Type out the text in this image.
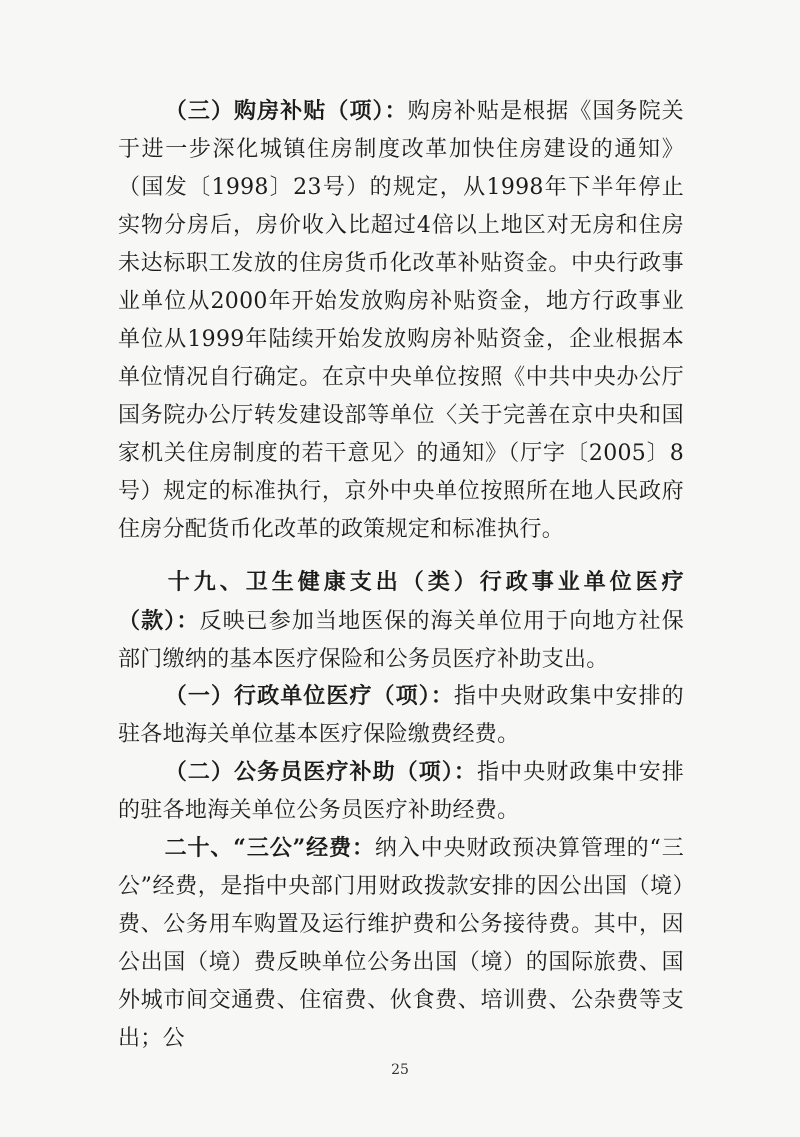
（三）购房补贴（项）：购房补贴是根据《国务院关于进一步深化城镇住房制度改革加快住房建设的通知》（国发〔1998〕23号）的规定，从1998年下半年停止实物分房后，房价收入比超过4倍以上地区对无房和住房未达标职工发放的住房货币化改革补贴资金。中央行政事业单位从2000年开始发放购房补贴资金，地方行政事业单位从1999年陆续开始发放购房补贴资金，企业根据本单位情况自行确定。在京中央单位按照《中共中央办公厅国务院办公厅转发建设部等单位〈关于完善在京中央和国家机关住房制度的若干意见〉的通知》（厅字〔2005〕8号）规定的标准执行，京外中央单位按照所在地人民政府住房分配货币化改革的政策规定和标准执行。

十九、卫生健康支出（类）行政事业单位医疗（款）：反映已参加当地医保的海关单位用于向地方社保部门缴纳的基本医疗保险和公务员医疗补助支出。

（一）行政单位医疗（项）：指中央财政集中安排的驻各地海关单位基本医疗保险缴费经费。

（二）公务员医疗补助（项）：指中央财政集中安排的驻各地海关单位公务员医疗补助经费。

二十、“三公”经费：纳入中央财政预决算管理的“三公”经费，是指中央部门用财政拨款安排的因公出国（境）费、公务用车购置及运行维护费和公务接待费。其中，因公出国（境）费反映单位公务出国（境）的国际旅费、国外城市间交通费、住宿费、伙食费、培训费、公杂费等支出；公

25
